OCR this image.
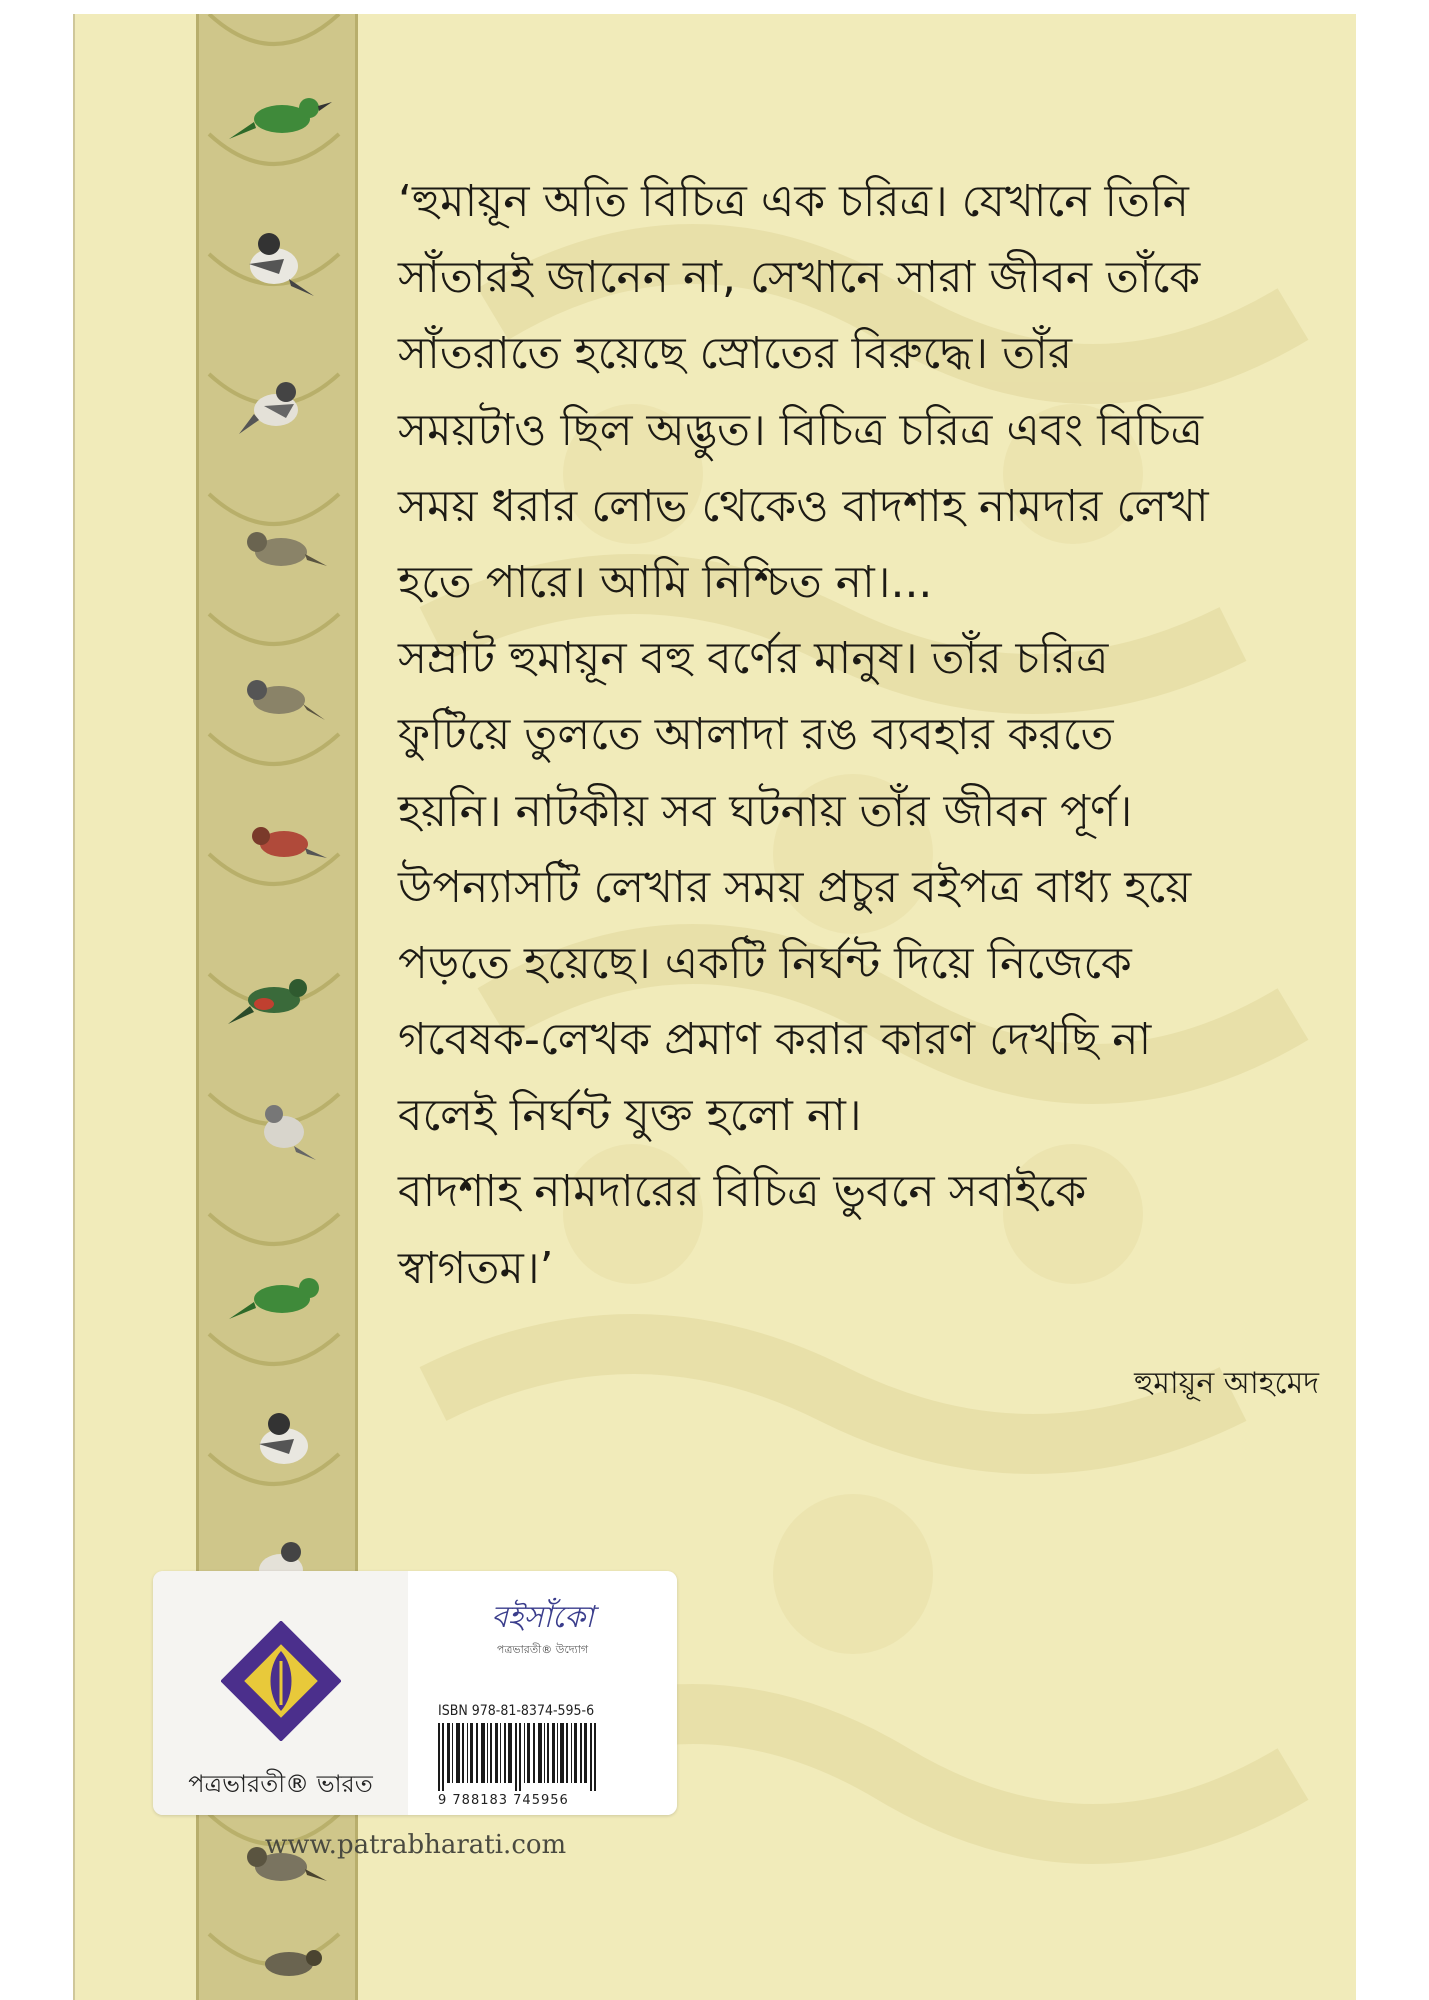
‘হুমায়ূন অতি বিচিত্র এক চরিত্র। যেখানে তিনি
সাঁতারই জানেন না, সেখানে সারা জীবন তাঁকে
সাঁতরাতে হয়েছে স্রোতের বিরুদ্ধে। তাঁর
সময়টাও ছিল অদ্ভুত। বিচিত্র চরিত্র এবং বিচিত্র
সময় ধরার লোভ থেকেও বাদশাহ নামদার লেখা
হতে পারে। আমি নিশ্চিত না।...
সম্রাট হুমায়ূন বহু বর্ণের মানুষ। তাঁর চরিত্র
ফুটিয়ে তুলতে আলাদা রঙ ব্যবহার করতে
হয়নি। নাটকীয় সব ঘটনায় তাঁর জীবন পূর্ণ।
উপন্যাসটি লেখার সময় প্রচুর বইপত্র বাধ্য হয়ে
পড়তে হয়েছে। একটি নির্ঘন্ট দিয়ে নিজেকে
গবেষক-লেখক প্রমাণ করার কারণ দেখছি না
বলেই নির্ঘন্ট যুক্ত হলো না।
বাদশাহ নামদারের বিচিত্র ভুবনে সবাইকে
স্বাগতম।’
হুমায়ূন আহমেদ
পত্রভারতী® ভারত
বইসাঁকো
পত্রভারতী® উদ্যোগ
ISBN 978-81-8374-595-6
9 788183 745956
www.patrabharati.com
